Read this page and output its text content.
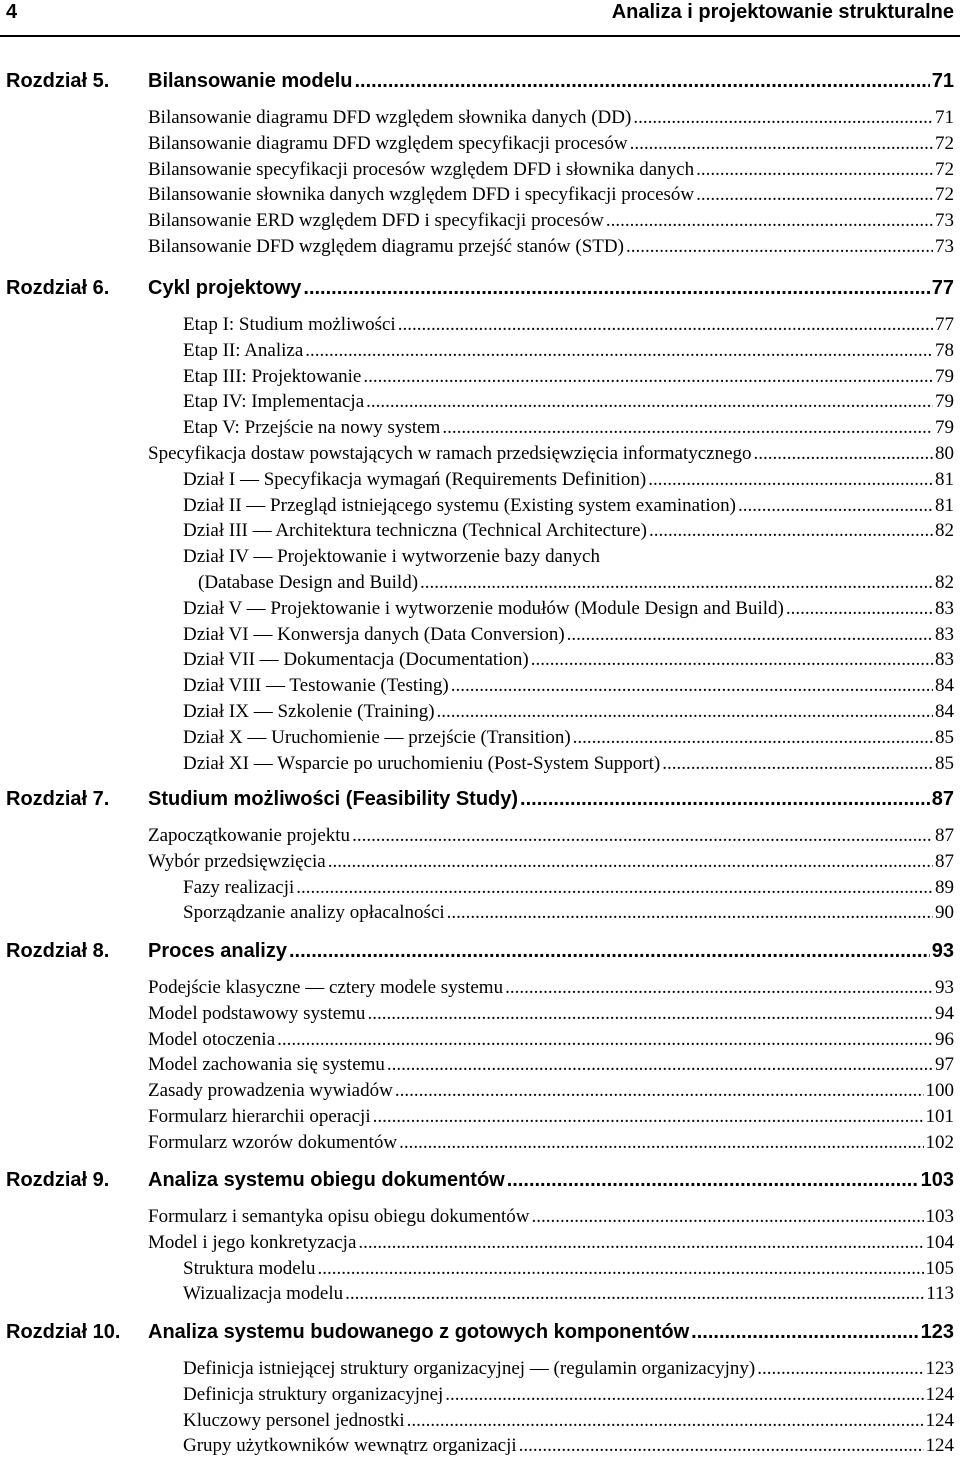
4	Analiza i projektowanie strukturalne
Rozdział 5. Bilansowanie modelu .....	71
Bilansowanie diagramu DFD względem słownika danych (DD) .....	71
Bilansowanie diagramu DFD względem specyfikacji procesów .....	72
Bilansowanie specyfikacji procesów względem DFD i słownika danych .....	72
Bilansowanie słownika danych względem DFD i specyfikacji procesów .....	72
Bilansowanie ERD względem DFD i specyfikacji procesów .....	73
Bilansowanie DFD względem diagramu przejść stanów (STD) .....	73
Rozdział 6. Cykl projektowy .....	77
Etap I: Studium możliwości .....	77
Etap II: Analiza .....	78
Etap III: Projektowanie .....	79
Etap IV: Implementacja .....	79
Etap V: Przejście na nowy system .....	79
Specyfikacja dostaw powstających w ramach przedsięwzięcia informatycznego .....	80
Dział I — Specyfikacja wymagań (Requirements Definition) .....	81
Dział II — Przegląd istniejącego systemu (Existing system examination) .....	81
Dział III — Architektura techniczna (Technical Architecture) .....	82
Dział IV — Projektowanie i wytworzenie bazy danych
(Database Design and Build) .....	82
Dział V — Projektowanie i wytworzenie modułów (Module Design and Build) .....	83
Dział VI — Konwersja danych (Data Conversion) .....	83
Dział VII — Dokumentacja (Documentation) .....	83
Dział VIII — Testowanie (Testing) .....	84
Dział IX — Szkolenie (Training) .....	84
Dział X — Uruchomienie — przejście (Transition) .....	85
Dział XI — Wsparcie po uruchomieniu (Post-System Support) .....	85
Rozdział 7. Studium możliwości (Feasibility Study) .....	87
Zapoczątkowanie projektu .....	87
Wybór przedsięwzięcia .....	87
Fazy realizacji .....	89
Sporządzanie analizy opłacalności .....	90
Rozdział 8. Proces analizy .....	93
Podejście klasyczne — cztery modele systemu .....	93
Model podstawowy systemu .....	94
Model otoczenia .....	96
Model zachowania się systemu .....	97
Zasady prowadzenia wywiadów .....	100
Formularz hierarchii operacji .....	101
Formularz wzorów dokumentów .....	102
Rozdział 9. Analiza systemu obiegu dokumentów .....	103
Formularz i semantyka opisu obiegu dokumentów .....	103
Model i jego konkretyzacja .....	104
Struktura modelu .....	105
Wizualizacja modelu .....	113
Rozdział 10. Analiza systemu budowanego z gotowych komponentów .....	123
Definicja istniejącej struktury organizacyjnej — (regulamin organizacyjny) .....	123
Definicja struktury organizacyjnej .....	124
Kluczowy personel jednostki .....	124
Grupy użytkowników wewnątrz organizacji .....	124
